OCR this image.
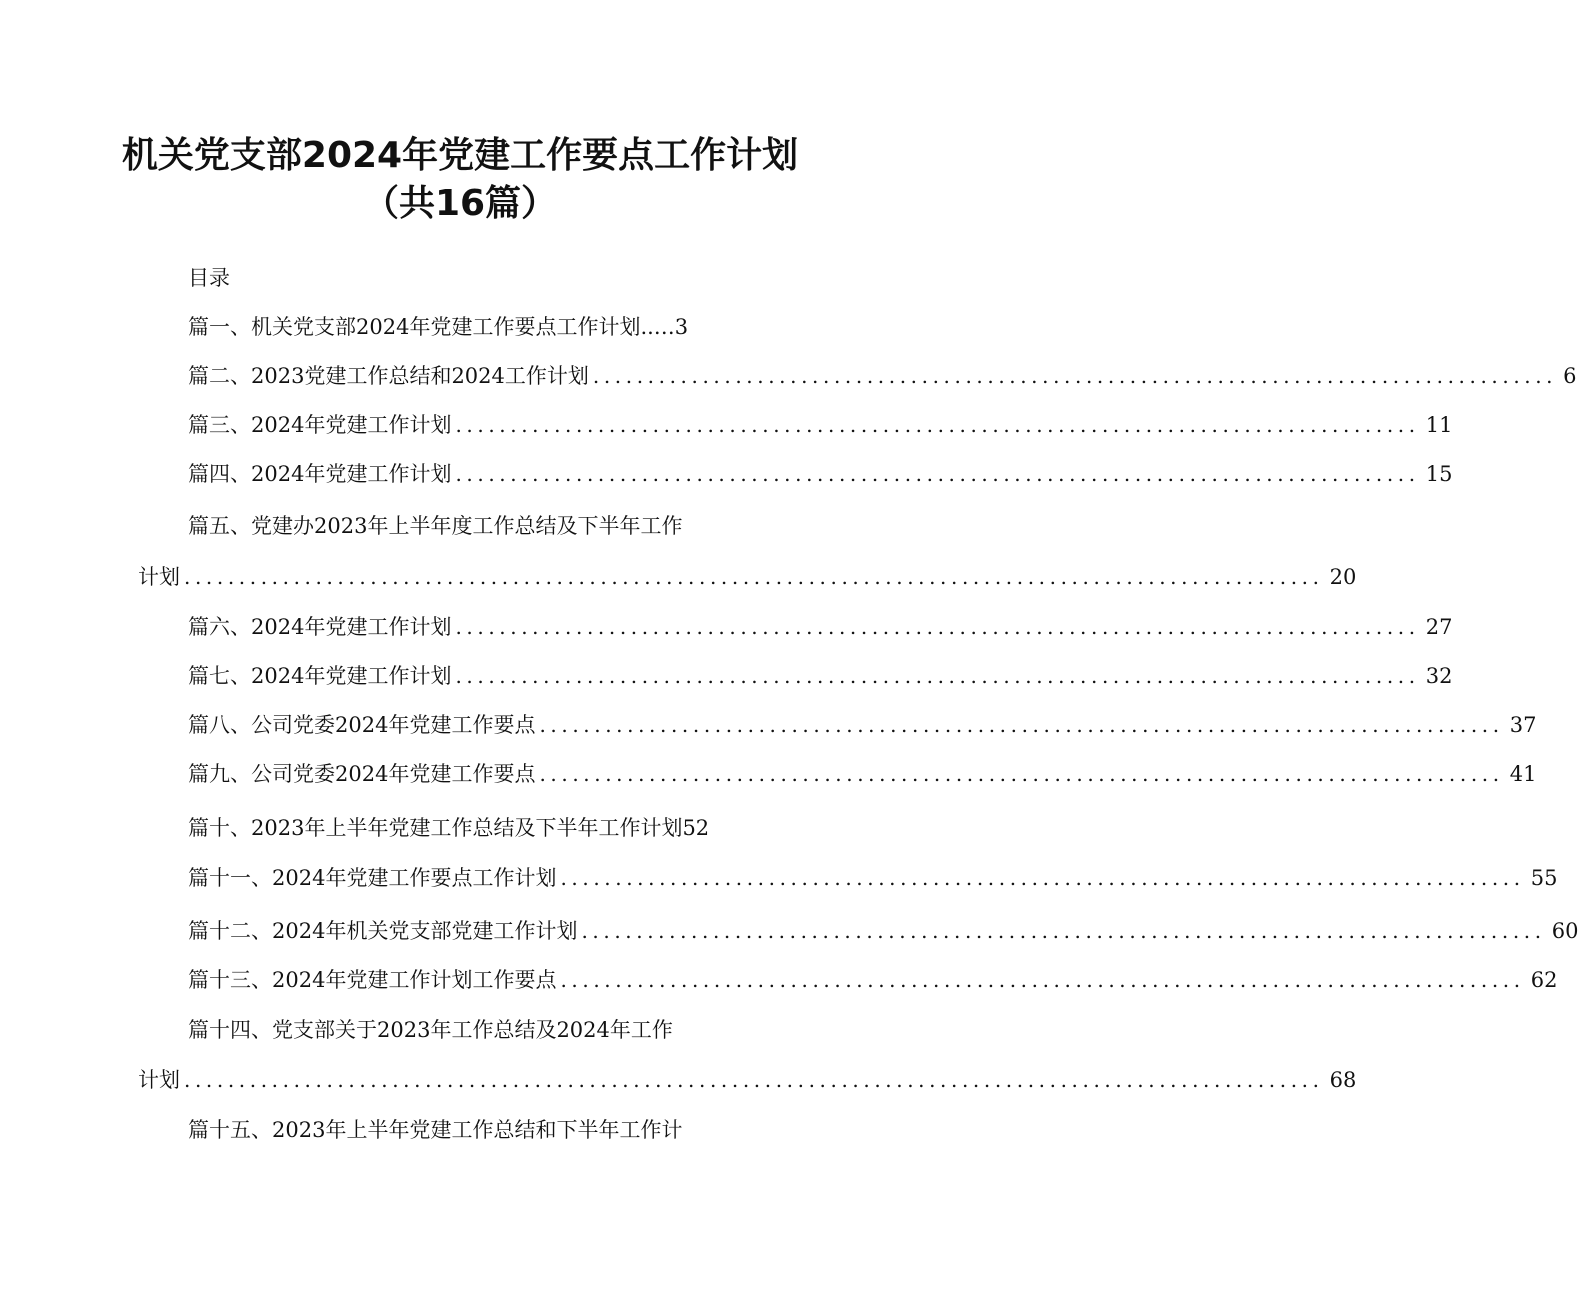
机关党支部2024年党建工作要点工作计划
（共16篇）
目录
篇一、机关党支部2024年党建工作要点工作计划..…3
篇二、2023党建工作总结和2024工作计划 ........................................................................................ 6
篇三、2024年党建工作计划 ........................................................................................ 11
篇四、2024年党建工作计划 ........................................................................................ 15
篇五、党建办2023年上半年度工作总结及下半年工作
计划 ........................................................................................................ 20
篇六、2024年党建工作计划 ........................................................................................ 27
篇七、2024年党建工作计划 ........................................................................................ 32
篇八、公司党委2024年党建工作要点 ........................................................................................ 37
篇九、公司党委2024年党建工作要点 ........................................................................................ 41
篇十、2023年上半年党建工作总结及下半年工作计划52
篇十一、2024年党建工作要点工作计划 ........................................................................................ 55
篇十二、2024年机关党支部党建工作计划 ........................................................................................ 60
篇十三、2024年党建工作计划工作要点 ........................................................................................ 62
篇十四、党支部关于2023年工作总结及2024年工作
计划 ........................................................................................................ 68
篇十五、2023年上半年党建工作总结和下半年工作计
